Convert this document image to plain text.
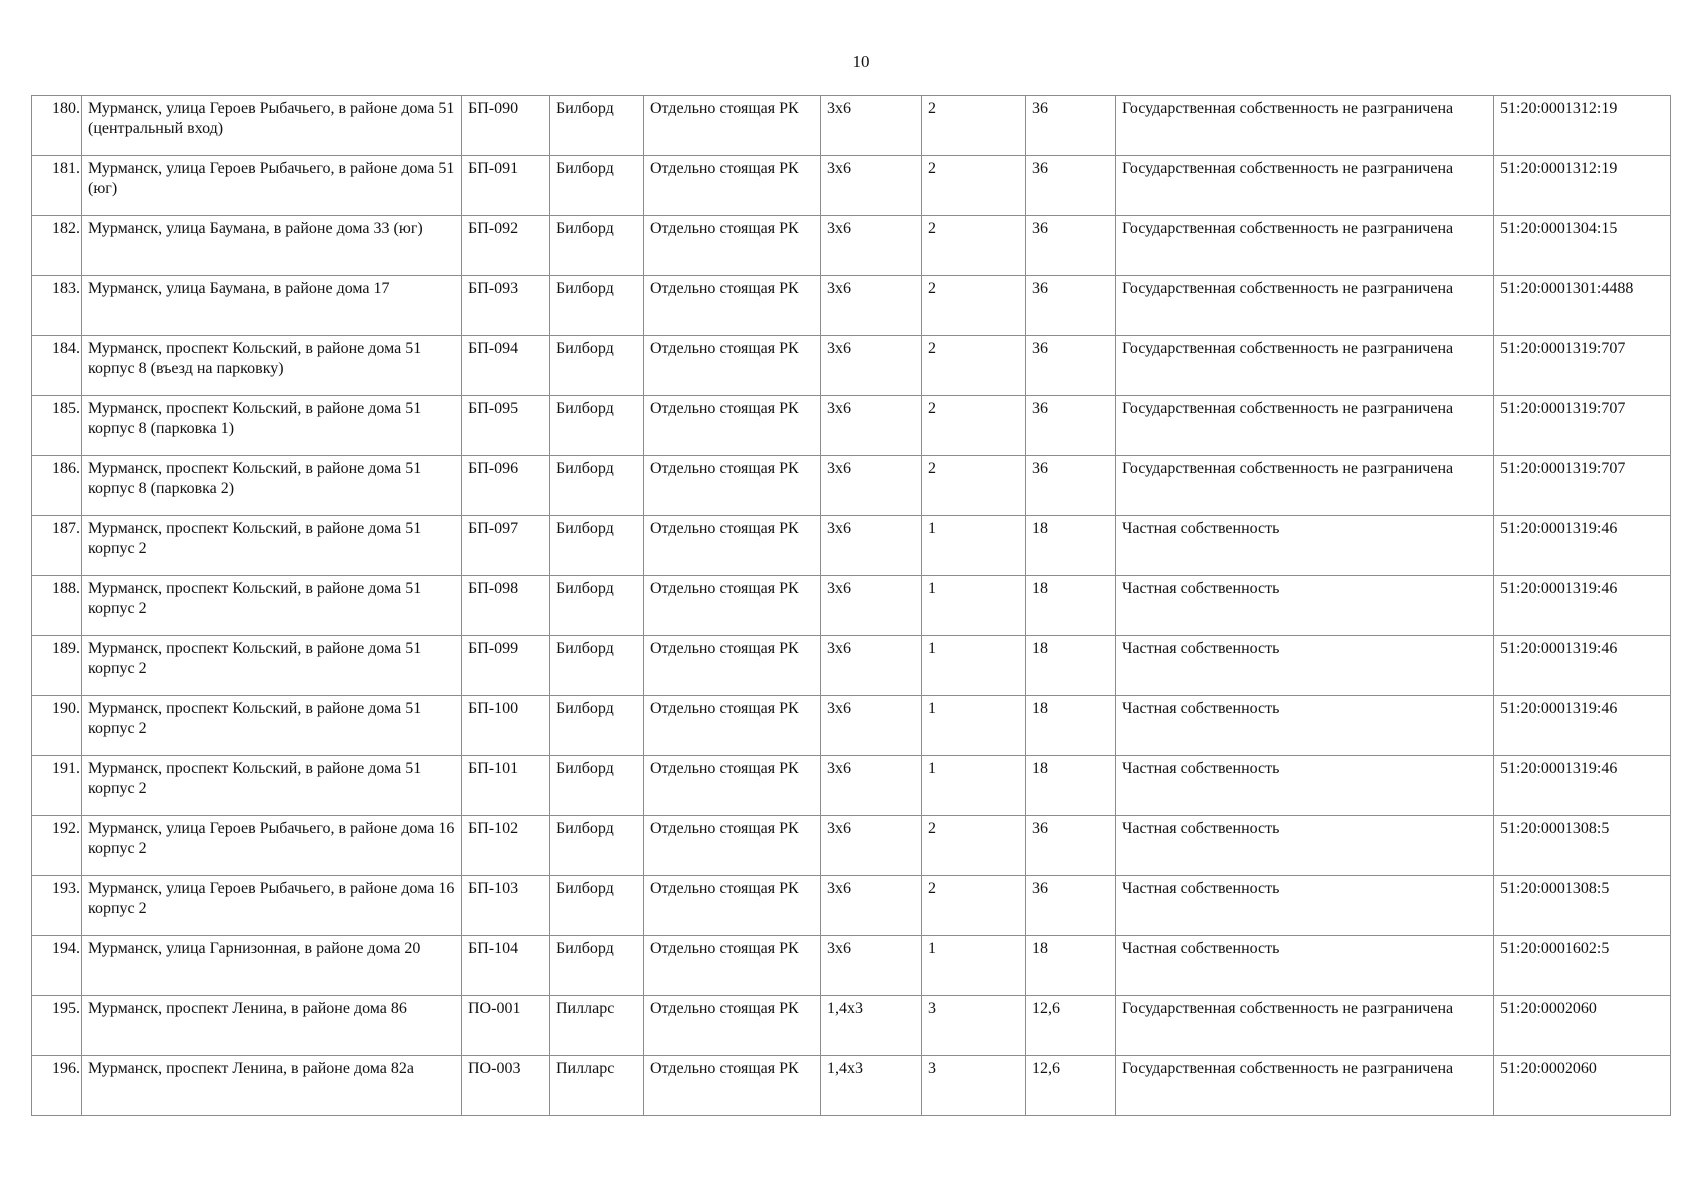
10
180.	Мурманск, улица Героев Рыбачьего, в районе дома 51 (центральный вход)	БП-090	Билборд	Отдельно стоящая РК	3х6	2	36	Государственная собственность не разграничена	51:20:0001312:19
181.	Мурманск, улица Героев Рыбачьего, в районе дома 51 (юг)	БП-091	Билборд	Отдельно стоящая РК	3х6	2	36	Государственная собственность не разграничена	51:20:0001312:19
182.	Мурманск, улица Баумана, в районе дома 33 (юг)	БП-092	Билборд	Отдельно стоящая РК	3х6	2	36	Государственная собственность не разграничена	51:20:0001304:15
183.	Мурманск, улица Баумана, в районе дома 17	БП-093	Билборд	Отдельно стоящая РК	3х6	2	36	Государственная собственность не разграничена	51:20:0001301:4488
184.	Мурманск, проспект Кольский, в районе дома 51 корпус 8 (въезд на парковку)	БП-094	Билборд	Отдельно стоящая РК	3х6	2	36	Государственная собственность не разграничена	51:20:0001319:707
185.	Мурманск, проспект Кольский, в районе дома 51 корпус 8 (парковка 1)	БП-095	Билборд	Отдельно стоящая РК	3х6	2	36	Государственная собственность не разграничена	51:20:0001319:707
186.	Мурманск, проспект Кольский, в районе дома 51 корпус 8 (парковка 2)	БП-096	Билборд	Отдельно стоящая РК	3х6	2	36	Государственная собственность не разграничена	51:20:0001319:707
187.	Мурманск, проспект Кольский, в районе дома 51 корпус 2	БП-097	Билборд	Отдельно стоящая РК	3х6	1	18	Частная собственность	51:20:0001319:46
188.	Мурманск, проспект Кольский, в районе дома 51 корпус 2	БП-098	Билборд	Отдельно стоящая РК	3х6	1	18	Частная собственность	51:20:0001319:46
189.	Мурманск, проспект Кольский, в районе дома 51 корпус 2	БП-099	Билборд	Отдельно стоящая РК	3х6	1	18	Частная собственность	51:20:0001319:46
190.	Мурманск, проспект Кольский, в районе дома 51 корпус 2	БП-100	Билборд	Отдельно стоящая РК	3х6	1	18	Частная собственность	51:20:0001319:46
191.	Мурманск, проспект Кольский, в районе дома 51 корпус 2	БП-101	Билборд	Отдельно стоящая РК	3х6	1	18	Частная собственность	51:20:0001319:46
192.	Мурманск, улица Героев Рыбачьего, в районе дома 16 корпус 2	БП-102	Билборд	Отдельно стоящая РК	3х6	2	36	Частная собственность	51:20:0001308:5
193.	Мурманск, улица Героев Рыбачьего, в районе дома 16 корпус 2	БП-103	Билборд	Отдельно стоящая РК	3х6	2	36	Частная собственность	51:20:0001308:5
194.	Мурманск, улица Гарнизонная, в районе дома 20	БП-104	Билборд	Отдельно стоящая РК	3х6	1	18	Частная собственность	51:20:0001602:5
195.	Мурманск, проспект Ленина, в районе дома 86	ПО-001	Пилларс	Отдельно стоящая РК	1,4х3	3	12,6	Государственная собственность не разграничена	51:20:0002060
196.	Мурманск, проспект Ленина, в районе дома 82а	ПО-003	Пилларс	Отдельно стоящая РК	1,4х3	3	12,6	Государственная собственность не разграничена	51:20:0002060
